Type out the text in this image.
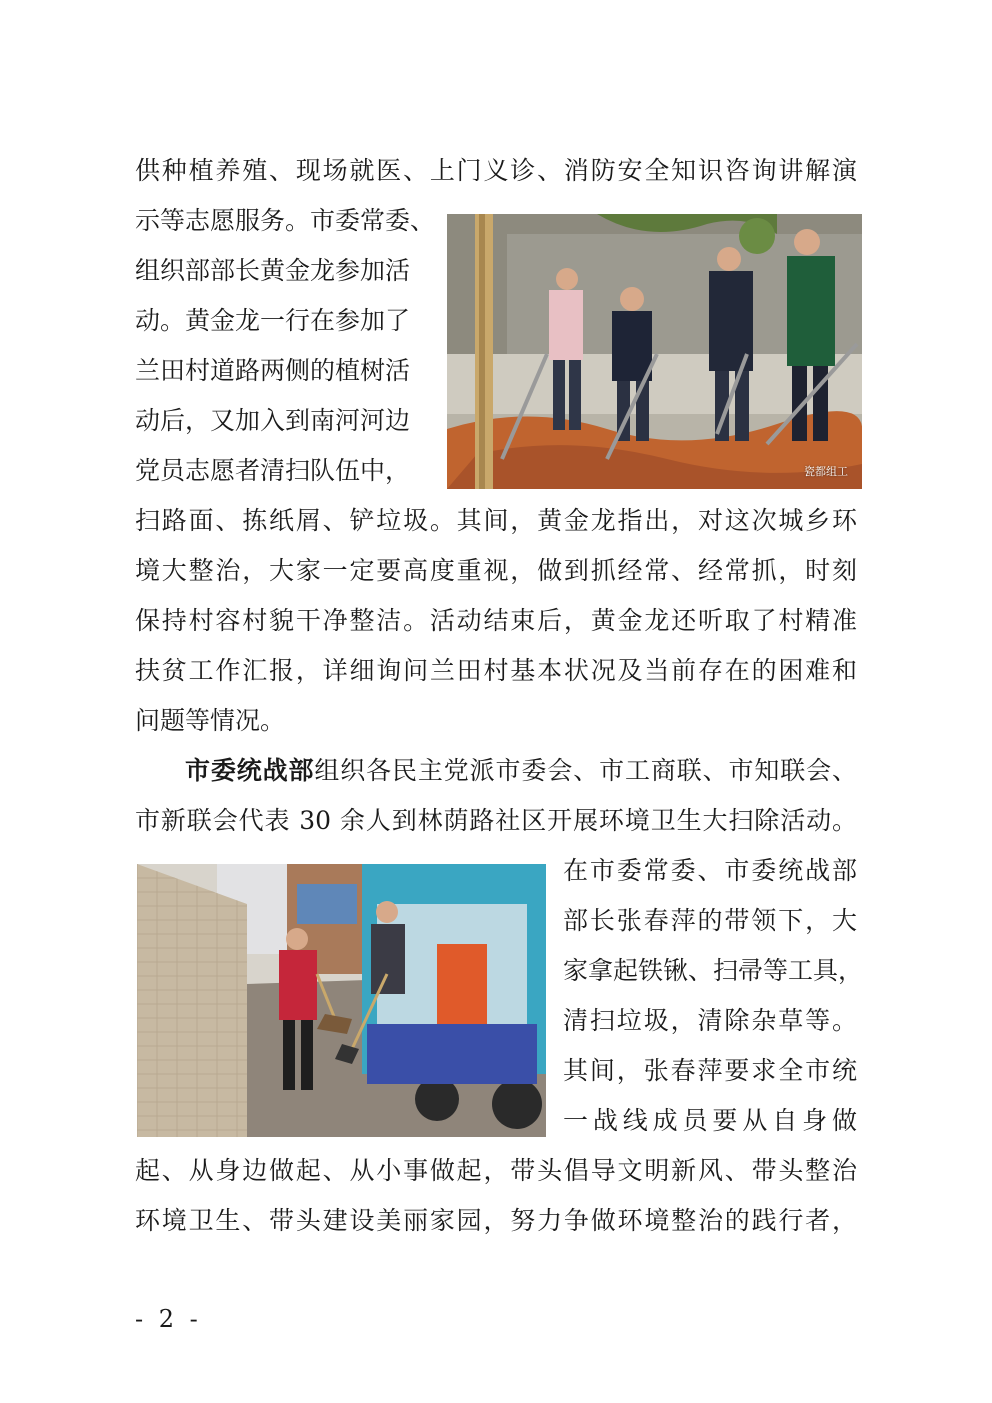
供种植养殖、现场就医、上门义诊、消防安全知识咨询讲解演
示等志愿服务。市委常委、
组织部部长黄金龙参加活
动。黄金龙一行在参加了
兰田村道路两侧的植树活
动后，又加入到南河河边
党员志愿者清扫队伍中，	瓷都组工
扫路面、拣纸屑、铲垃圾。其间，黄金龙指出，对这次城乡环
境大整治，大家一定要高度重视，做到抓经常、经常抓，时刻
保持村容村貌干净整洁。活动结束后，黄金龙还听取了村精准
扶贫工作汇报，详细询问兰田村基本状况及当前存在的困难和
问题等情况。
市委统战部组织各民主党派市委会、市工商联、市知联会、
市新联会代表 30 余人到林荫路社区开展环境卫生大扫除活动。
在市委常委、市委统战部
部长张春萍的带领下，大
家拿起铁锹、扫帚等工具，
清扫垃圾，清除杂草等。
其间，张春萍要求全市统
一战线成员要从自身做
起、从身边做起、从小事做起，带头倡导文明新风、带头整治
环境卫生、带头建设美丽家园，努力争做环境整治的践行者，
- 2 -
